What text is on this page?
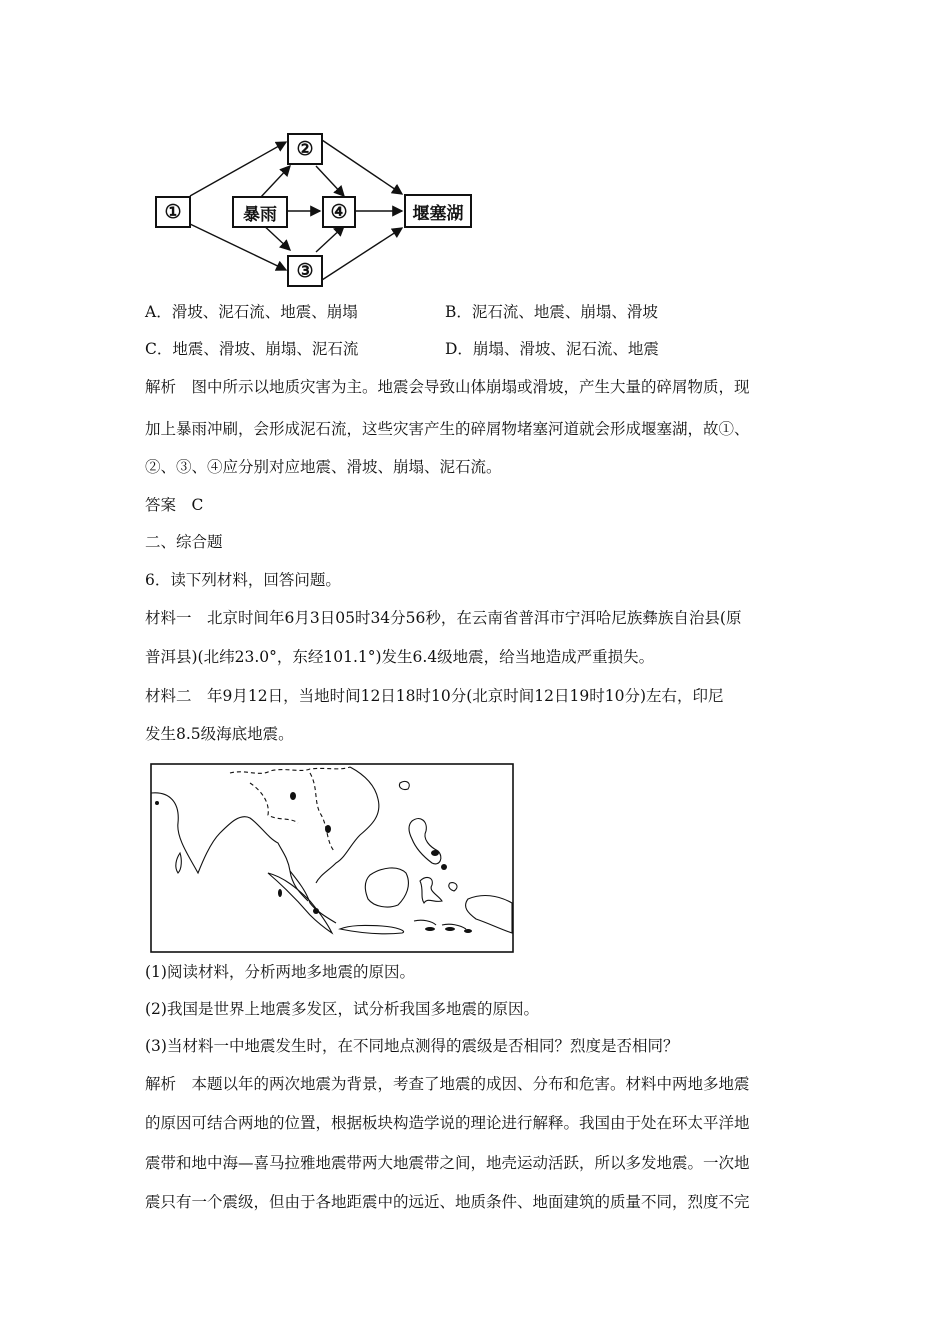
①
②
③
④
暴雨	堰塞湖
A．滑坡、泥石流、地震、崩塌	B．泥石流、地震、崩塌、滑坡
C．地震、滑坡、崩塌、泥石流	D．崩塌、滑坡、泥石流、地震
解析　图中所示以地质灾害为主。地震会导致山体崩塌或滑坡，产生大量的碎屑物质，现
加上暴雨冲刷，会形成泥石流，这些灾害产生的碎屑物堵塞河道就会形成堰塞湖，故①、
②、③、④应分别对应地震、滑坡、崩塌、泥石流。
答案　C
二、综合题
6．读下列材料，回答问题。
材料一　北京时间年6月3日05时34分56秒，在云南省普洱市宁洱哈尼族彝族自治县(原
普洱县)(北纬23.0°，东经101.1°)发生6.4级地震，给当地造成严重损失。
材料二　年9月12日，当地时间12日18时10分(北京时间12日19时10分)左右，印尼
发生8.5级海底地震。
(1)阅读材料，分析两地多地震的原因。
(2)我国是世界上地震多发区，试分析我国多地震的原因。
(3)当材料一中地震发生时，在不同地点测得的震级是否相同？烈度是否相同？
解析　本题以年的两次地震为背景，考查了地震的成因、分布和危害。材料中两地多地震
的原因可结合两地的位置，根据板块构造学说的理论进行解释。我国由于处在环太平洋地
震带和地中海—喜马拉雅地震带两大地震带之间，地壳运动活跃，所以多发地震。一次地
震只有一个震级，但由于各地距震中的远近、地质条件、地面建筑的质量不同，烈度不完
